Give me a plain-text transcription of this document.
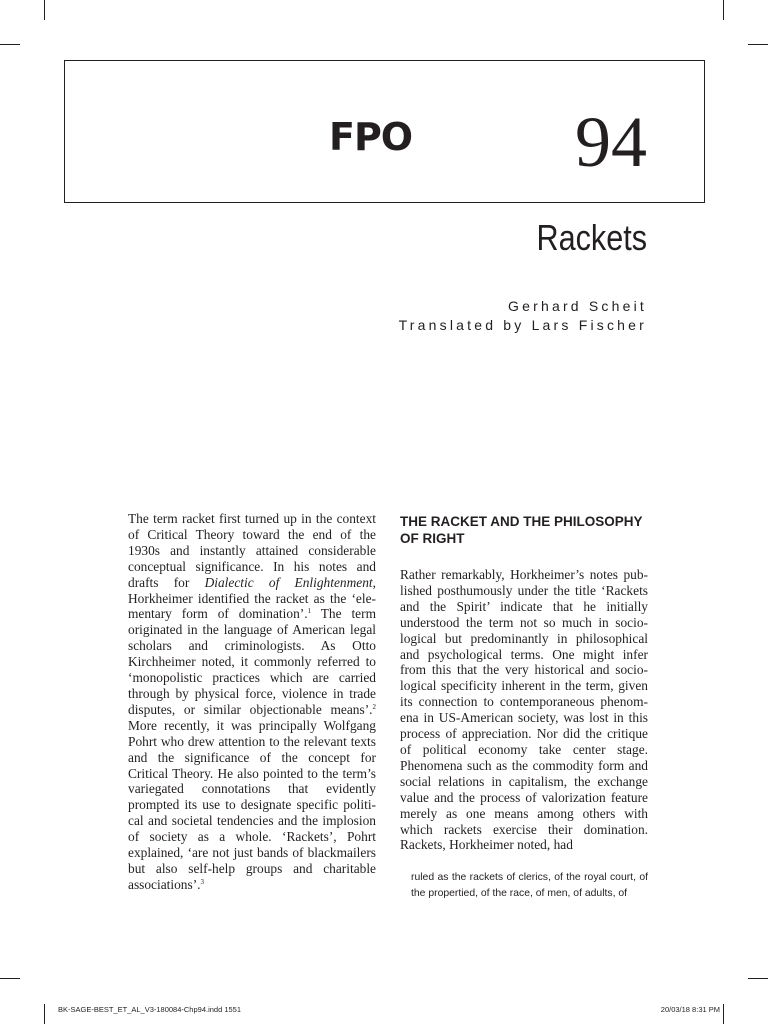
FPO 94
Rackets
Gerhard Scheit
Translated by Lars Fischer
The term racket first turned up in the context of Critical Theory toward the end of the 1930s and instantly attained considerable conceptual significance. In his notes and drafts for Dialectic of Enlightenment, Horkheimer identified the racket as the ‘ele-mentary form of domination’.$^1$ The term originated in the language of American legal scholars and criminologists. As Otto Kirchheimer noted, it commonly referred to ‘monopolistic practices which are carried through by physical force, violence in trade disputes, or similar objectionable means’.$^2$ More recently, it was principally Wolfgang Pohrt who drew attention to the relevant texts and the significance of the concept for Critical Theory. He also pointed to the term’s variegated connotations that evidently prompted its use to designate specific politi-cal and societal tendencies and the implosion of society as a whole. ‘Rackets’, Pohrt explained, ‘are not just bands of blackmailers but also self-help groups and charitable associations’.$^3$
THE RACKET AND THE PHILOSOPHY OF RIGHT
Rather remarkably, Horkheimer’s notes pub-lished posthumously under the title ‘Rackets and the Spirit’ indicate that he initially understood the term not so much in socio-logical but predominantly in philosophical and psychological terms. One might infer from this that the very historical and socio-logical specificity inherent in the term, given its connection to contemporaneous phenom-ena in US-American society, was lost in this process of appreciation. Nor did the critique of political economy take center stage. Phenomena such as the commodity form and social relations in capitalism, the exchange value and the process of valorization feature merely as one means among others with which rackets exercise their domination. Rackets, Horkheimer noted, had
ruled as the rackets of clerics, of the royal court, of the propertied, of the race, of men, of adults, of
BK-SAGE-BEST_ET_AL_V3-180084-Chp94.indd 1551	20/03/18 8:31 PM
